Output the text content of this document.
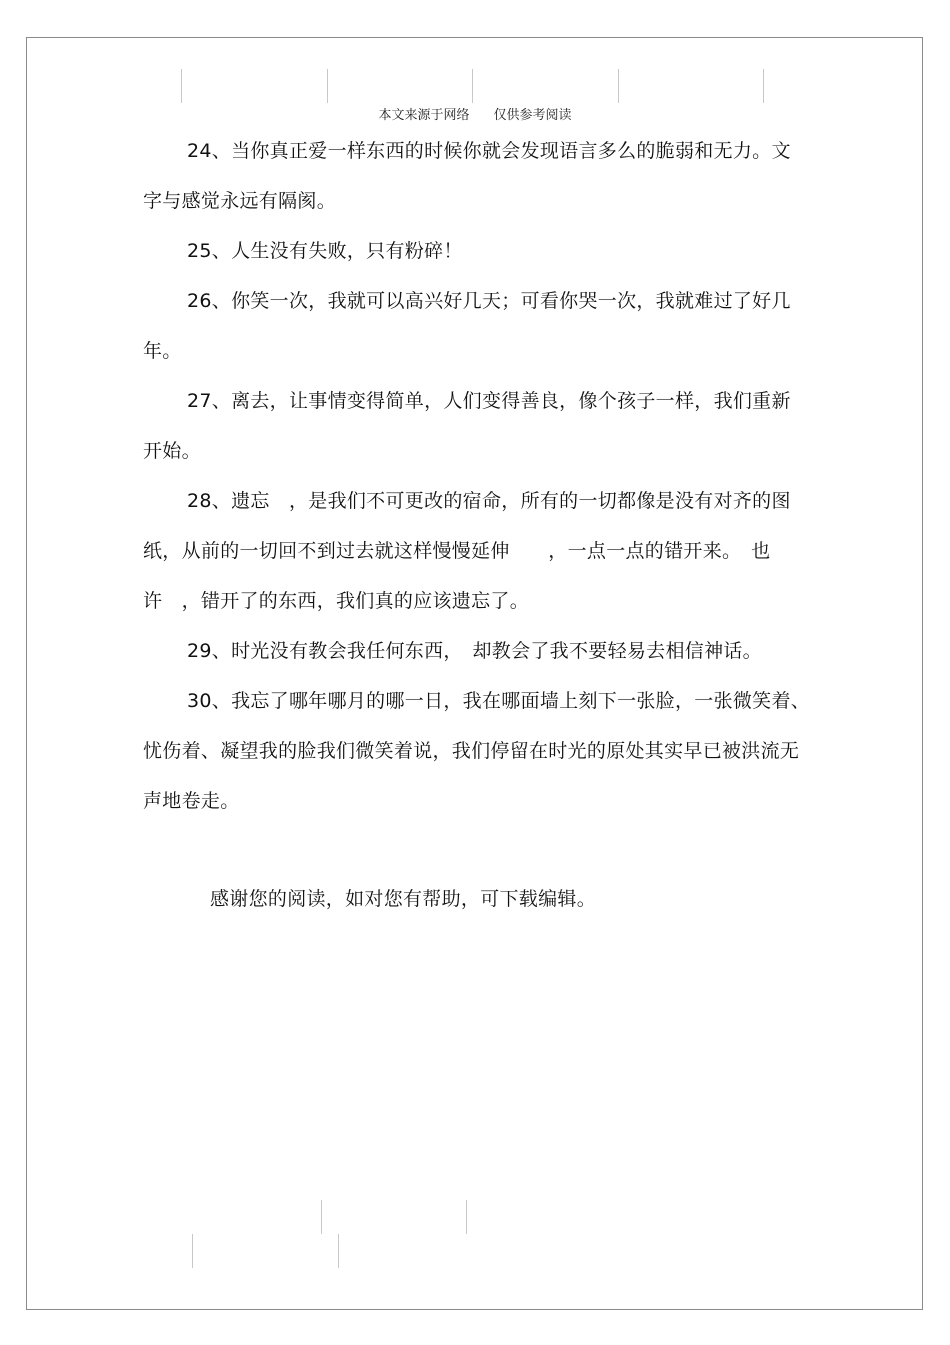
本文来源于网络 仅供参考阅读

24、当你真正爱一样东西的时候你就会发现语言多么的脆弱和无力。文字与感觉永远有隔阂。

25、人生没有失败，只有粉碎！

26、你笑一次，我就可以高兴好几天；可看你哭一次，我就难过了好几年。

27、离去，让事情变得简单，人们变得善良，像个孩子一样，我们重新开始。

28、遗忘　，是我们不可更改的宿命，所有的一切都像是没有对齐的图纸，从前的一切回不到过去就这样慢慢延伸　　，一点一点的错开来。　也许　，错开了的东西，我们真的应该遗忘了。

29、时光没有教会我任何东西，　却教会了我不要轻易去相信神话。

30、我忘了哪年哪月的哪一日，我在哪面墙上刻下一张脸，一张微笑着、　忧伤着、凝望我的脸我们微笑着说，我们停留在时光的原处其实早已被洪流无声地卷走。

感谢您的阅读，如对您有帮助，可下载编辑。
